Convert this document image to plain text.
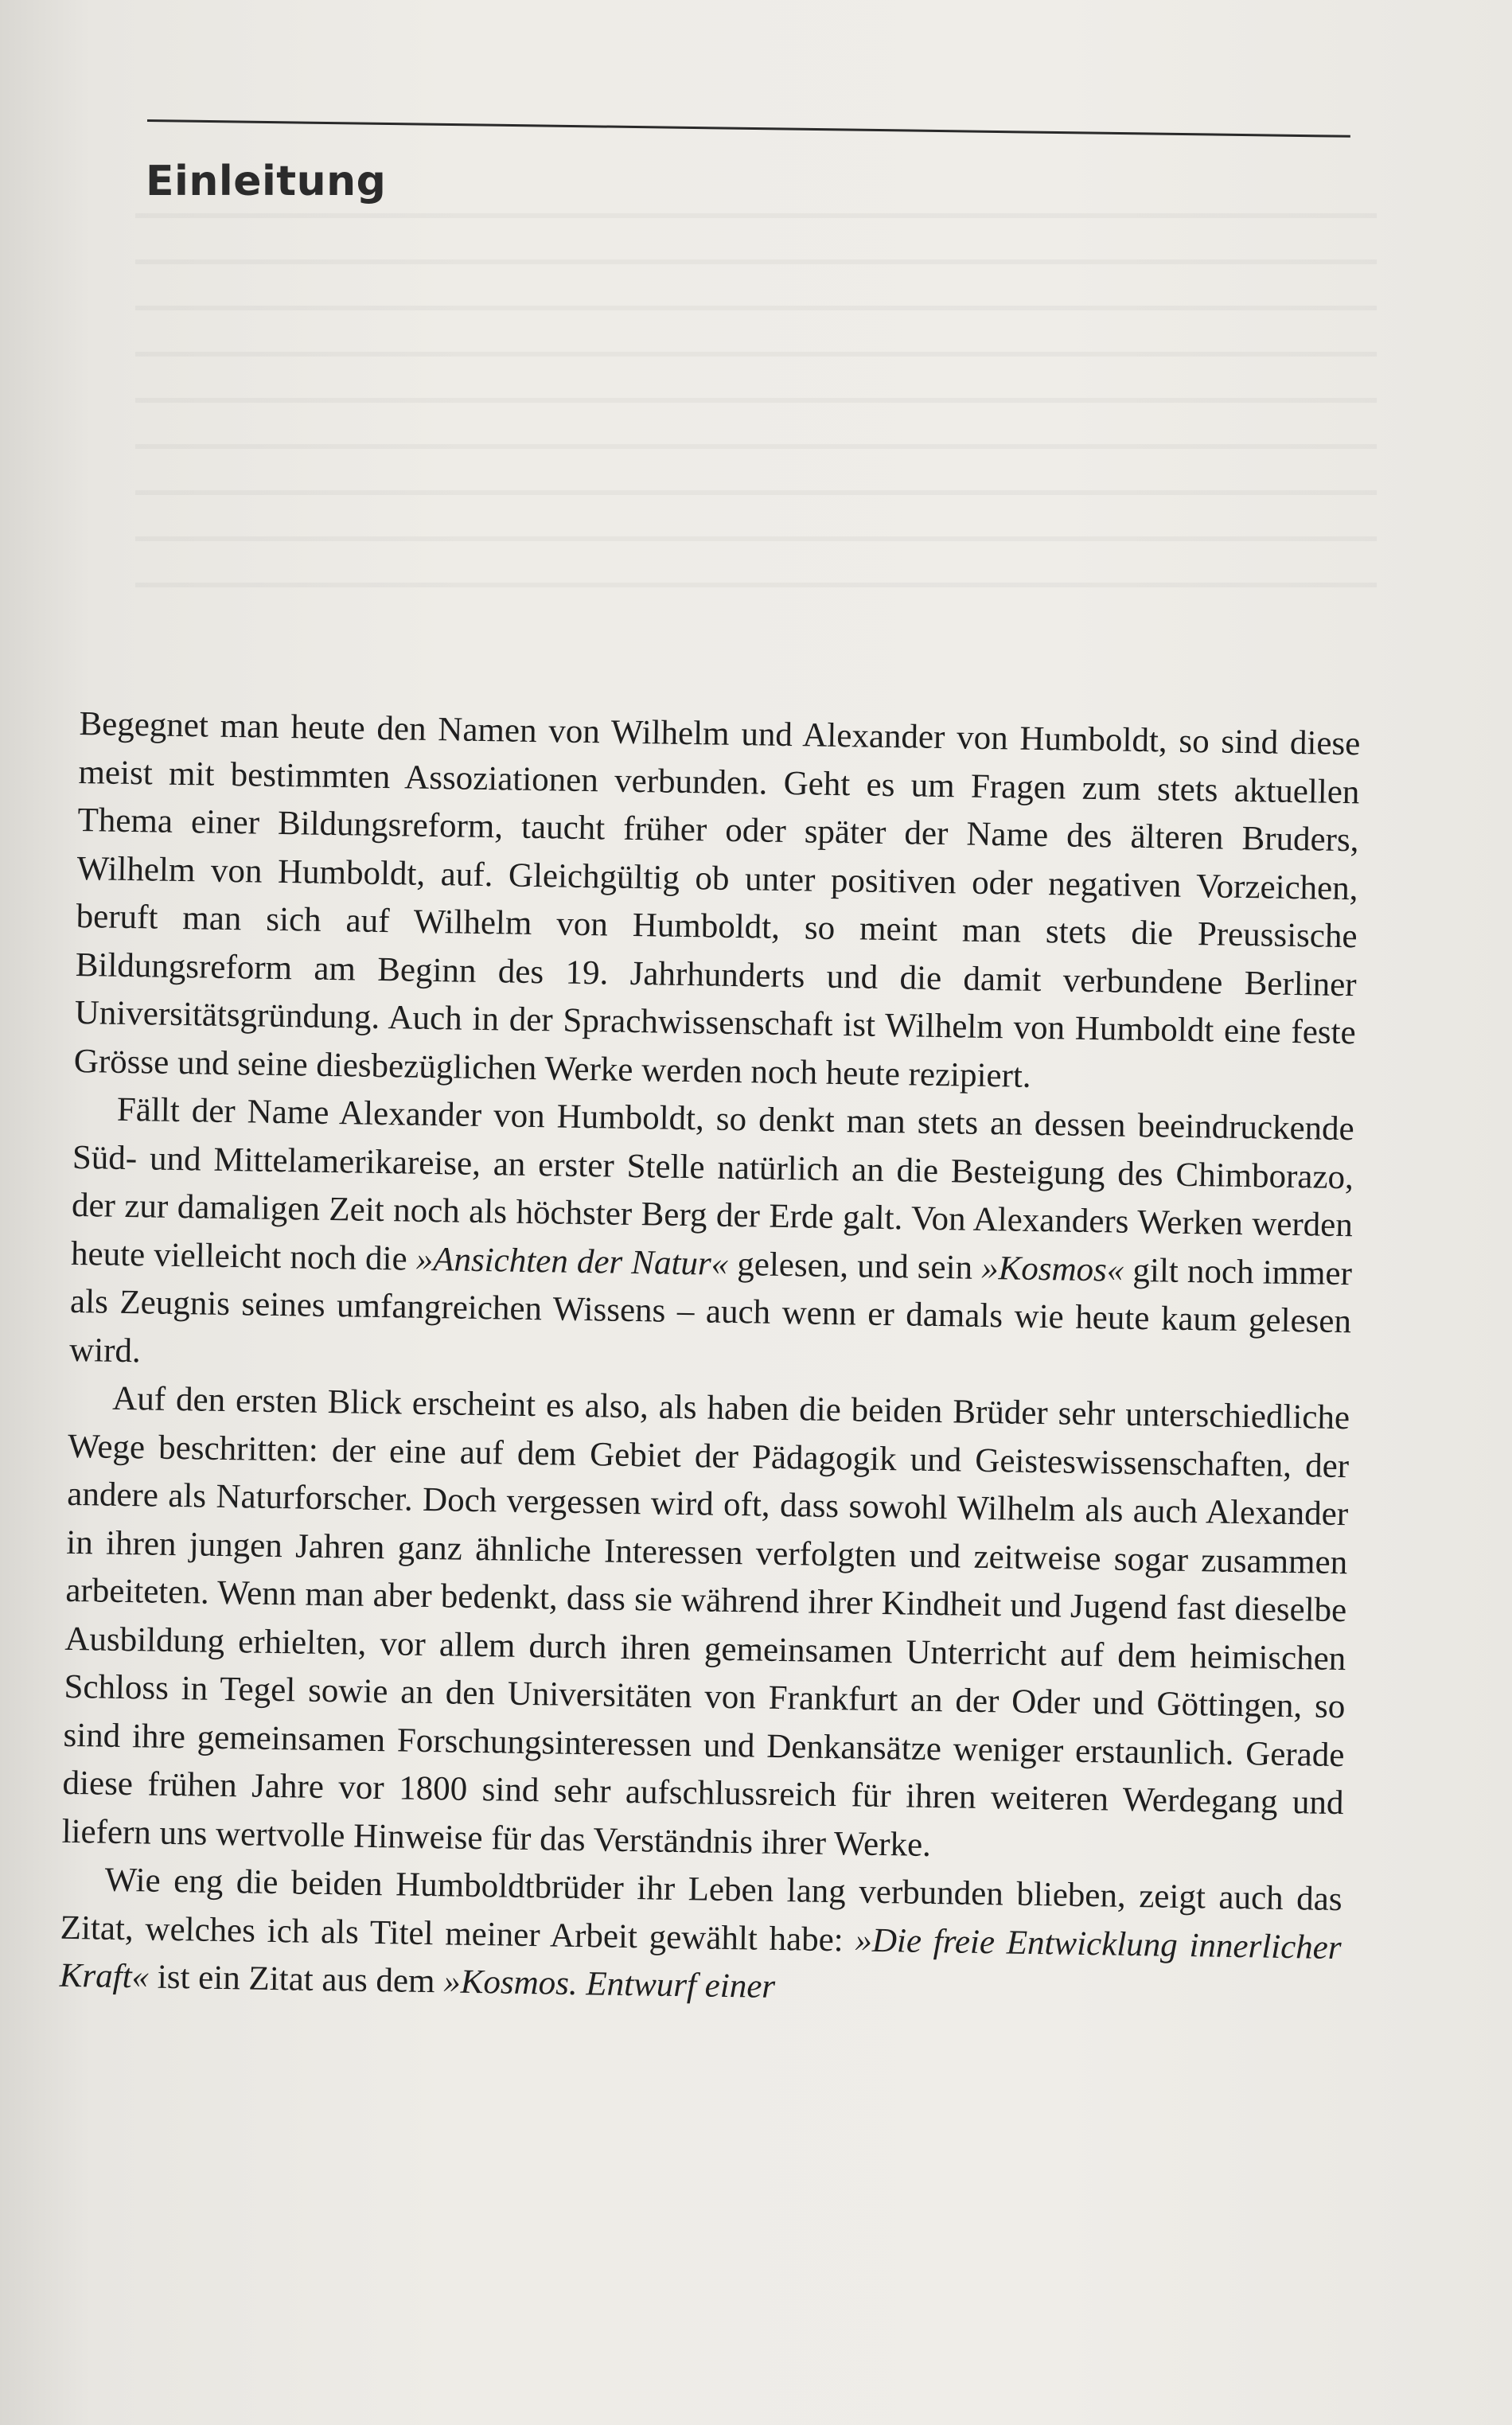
Einleitung

Begegnet man heute den Namen von Wilhelm und Alexander von Humboldt, so sind diese meist mit bestimmten Assoziationen verbunden. Geht es um Fragen zum stets aktuellen Thema einer Bildungsreform, taucht früher oder später der Name des älteren Bruders, Wilhelm von Humboldt, auf. Gleichgültig ob unter positiven oder negativen Vorzeichen, beruft man sich auf Wilhelm von Humboldt, so meint man stets die Preussische Bildungsreform am Beginn des 19. Jahrhunderts und die damit verbundene Berliner Universitätsgründung. Auch in der Sprachwissenschaft ist Wilhelm von Humboldt eine feste Grösse und seine diesbezüglichen Werke werden noch heute rezipiert.

Fällt der Name Alexander von Humboldt, so denkt man stets an dessen beeindruckende Süd- und Mittelamerikareise, an erster Stelle natürlich an die Besteigung des Chimborazo, der zur damaligen Zeit noch als höchster Berg der Erde galt. Von Alexanders Werken werden heute vielleicht noch die »Ansichten der Natur« gelesen, und sein »Kosmos« gilt noch immer als Zeugnis seines umfangreichen Wissens – auch wenn er damals wie heute kaum gelesen wird.

Auf den ersten Blick erscheint es also, als haben die beiden Brüder sehr unterschiedliche Wege beschritten: der eine auf dem Gebiet der Pädagogik und Geisteswissenschaften, der andere als Naturforscher. Doch vergessen wird oft, dass sowohl Wilhelm als auch Alexander in ihren jungen Jahren ganz ähnliche Interessen verfolgten und zeitweise sogar zusammen arbeiteten. Wenn man aber bedenkt, dass sie während ihrer Kindheit und Jugend fast dieselbe Ausbildung erhielten, vor allem durch ihren gemeinsamen Unterricht auf dem heimischen Schloss in Tegel sowie an den Universitäten von Frankfurt an der Oder und Göttingen, so sind ihre gemeinsamen Forschungsinteressen und Denkansätze weniger erstaunlich. Gerade diese frühen Jahre vor 1800 sind sehr aufschlussreich für ihren weiteren Werdegang und liefern uns wertvolle Hinweise für das Verständnis ihrer Werke.

Wie eng die beiden Humboldtbrüder ihr Leben lang verbunden blieben, zeigt auch das Zitat, welches ich als Titel meiner Arbeit gewählt habe: »Die freie Entwicklung innerlicher Kraft« ist ein Zitat aus dem »Kosmos. Entwurf einer
